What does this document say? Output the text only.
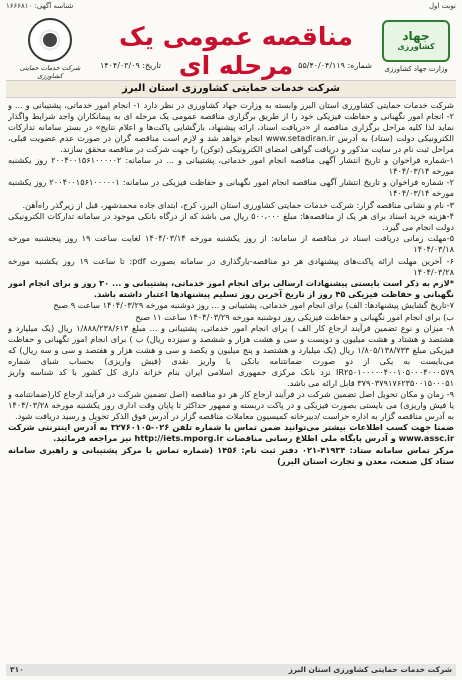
نوبت اول
شناسه آگهی: ۱۶۶۶۸۱۰
جهاد
کشاورزی
وزارت جهاد کشاورزی
مناقصه عمومی یک مرحله ای شماره: ۵۵/۴۰/۰۴/۱۱۹
تاریخ: ۱۴۰۴/۰۳/۰۹
شرکت خدمات حمایتی کشاورزی
شرکت خدمات حمایتی کشاورزی استان البرز

شرکت خدمات حمایتی کشاورزی استان البرز وابسته به وزارت جهاد کشاورزی در نظر دارد ۱- انجام امور خدماتی، پشتیبانی و ... و ۲- انجام امور نگهبانی و حفاظت فیزیکی خود را از طریق برگزاری مناقصه عمومی یک مرحله ای به پیمانکاران واجد شرایط واگذار نماید لذا کلیه مراحل برگزاری مناقصه از «دریافت اسناد، ارائه پیشنهاد، بازگشایی پاکت‌ها و اعلام نتایج» در بستر سامانه تدارکات الکترونیکی دولت (ستاد) به آدرس www.setadiran.ir انجام خواهد شد و لازم است مناقصه گران در صورت عدم عضویت قبلی، مراحل ثبت نام در سایت مذکور و دریافت گواهی امضای الکترونیکی (توکن) را جهت شرکت در مناقصه محقق سازند.

۱-شماره فراخوان و تاریخ انتشار آگهی مناقصه انجام امور خدماتی، پشتیبانی و ... در سامانه: ۲۰۰۴۰۰۱۵۶۱۰۰۰۰۰۲ روز یکشنبه مورخه ۱۴۰۴/۰۳/۱۴

۲- شماره فراخوان و تاریخ انتشار آگهی مناقصه انجام امور نگهبانی و حفاظت فیزیکی در سامانه: ۲۰۰۴۰۰۱۵۶۱۰۰۰۰۰۱ روز یکشنبه مورخه ۱۴۰۴/۰۳/۱۴

۳- نام و نشانی مناقصه گزار: شرکت خدمات حمایتی کشاورزی استان البرز، کرج، ابتدای جاده محمدشهر، قبل از زیرگذر راه‌آهن.

۴-هزینه خرید اسناد برای هر یک از مناقصه‌ها: مبلغ ۵۰۰،۰۰۰ ریال می باشد که از درگاه بانکی موجود در سامانه تدارکات الکترونیکی دولت انجام می گیرد.

۵-مهلت زمانی دریافت اسناد در مناقصه از سامانه: از روز یکشنبه مورخه ۱۴۰۴/۰۳/۱۴ لغایت ساعت ۱۹ روز پنجشنبه مورخه ۱۴۰۴/۰۳/۱۸

۶- آخرین مهلت ارائه پاکت‌های پیشنهادی هر دو مناقصه-بارگذاری در سامانه بصورت pdf: تا ساعت ۱۹ روز یکشنبه مورخه ۱۴۰۴/۰۳/۲۸

*لازم به ذکر است بایستی پیشنهادات ارسالی برای انجام امور خدماتی، پشتیبانی و ... ۳۰ روز و برای انجام امور نگهبانی و حفاظت فیزیکی ۴۵ روز از تاریخ آخرین روز تسلیم پیشنهادها اعتبار داشته باشد.

۷-تاریخ گشایش پیشنهادها: الف) برای انجام امور خدماتی، پشتیبانی و ... روز دوشنبه مورخه ۱۴۰۴/۰۳/۲۹ ساعت ۹ صبح

ب) برای انجام امور نگهبانی و حفاظت فیزیکی روز دوشنبه مورخه ۱۴۰۴/۰۳/۲۹ ساعت ۱۱ صبح

۸- میزان و نوع تضمین فرآیند ارجاع کار الف ) برای انجام امور خدماتی، پشتیبانی و ... مبلغ ۱/۸۸۸/۲۳۸/۶۱۳ ریال (یک میلیارد و هشتصد و هشتاد و هشت میلیون و دویست و سی و هشت هزار و ششصد و سیزده ریال) ب ) برای انجام امور نگهبانی و حفاظت فیزیکی مبلغ ۱/۸۰۵/۱۳۸/۷۳۳ ریال (یک میلیارد و هشتصد و پنج میلیون و یکصد و سی و هشت هزار و هفتصد و سی و سه ریال) که می‌بایست به یکی از دو صورت ضمانتنامه بانکی یا واریز نقدی (فیش واریزی) بحساب شبای شماره IR۲۵۰۱۰۰۰۰۰۴۰۰۱۰۵۰۰۰۴۰۰۰۵۷۹ نزد بانک مرکزی جمهوری اسلامی ایران بنام خزانه داری کل کشور با کد شناسه واریز ۳۷۹۰۳۷۹۱۷۶۲۳۵۰۰۱۵۰۰۰۵۱ قابل ارائه می باشد.

۹- زمان و مکان تحویل اصل تضمین شرکت در فرآیند ارجاع کار هر دو مناقصه (اصل تضمین شرکت در فرآیند ارجاع کار(ضمانتنامه و یا فیش واریزی) می بایستی بصورت فیزیکی و در پاکت دربسته و ممهور حداکثر تا پایان وقت اداری روز یکشنبه مورخه ۱۴۰۴/۰۳/۲۸ به آدرس مناقصه گزار به اداره حراست /دبیرخانه کمیسیون معاملات مناقصه گزار در آدرس فوق الذکر تحویل و رسید دریافت شود.

ضمنا جهت کسب اطلاعات بیشتر می‌توانید ضمن تماس با شماره تلفن ۰۲۶-۳۲۷۶۰۱۰۵ به آدرس اینترنتی شرکت www.assc.ir و آدرس پایگاه ملی اطلاع رسانی مناقصات http://iets.mporg.ir نیز مراجعه فرمائید.

مرکز تماس سامانه ستاد: ۴۱۹۳۴-۰۲۱ دفتر ثبت نام: ۱۴۵۶ (شماره تماس با مرکز پشتیبانی و راهبری سامانه ستاد کل صنعت، معدن و تجارت استان البرز)

شرکت خدمات حمایتی کشاورزی استان البرز
۳۱۰
